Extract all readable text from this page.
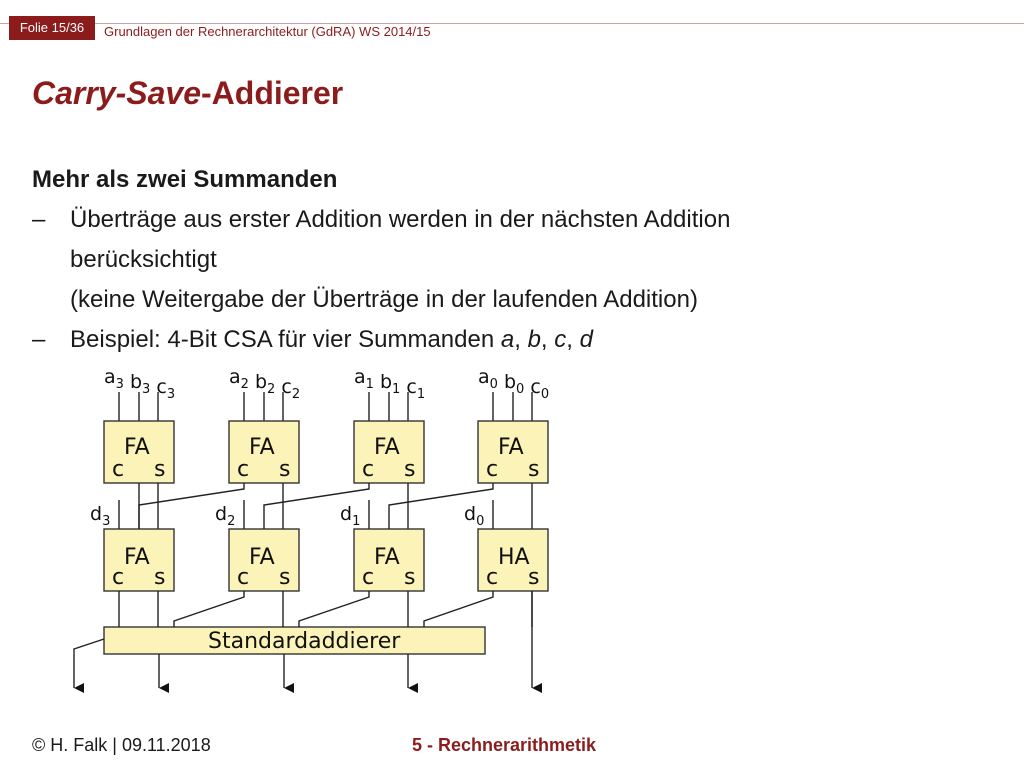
Folie 15/36	Grundlagen der Rechnerarchitektur (GdRA) WS 2014/15
Carry-Save-Addierer
Mehr als zwei Summanden
– Überträge aus erster Addition werden in der nächsten Addition
berücksichtigt
(keine Weitergabe der Überträge in der laufenden Addition)
– Beispiel: 4-Bit CSA für vier Summanden a, b, c, d
$a_3$ $b_3$ $c_3$
FA
c s
$d_3$
FA
c s
$a_2$ $b_2$ $c_2$
FA
c s
$d_2$
FA
c s
$a_1$ $b_1$ $c_1$
FA
c s
$d_1$
FA
c s
$a_0$ $b_0$ $c_0$
FA
c s
$d_0$
HA
c s
Standardaddierer
© H. Falk | 09.11.2018	5 - Rechnerarithmetik
